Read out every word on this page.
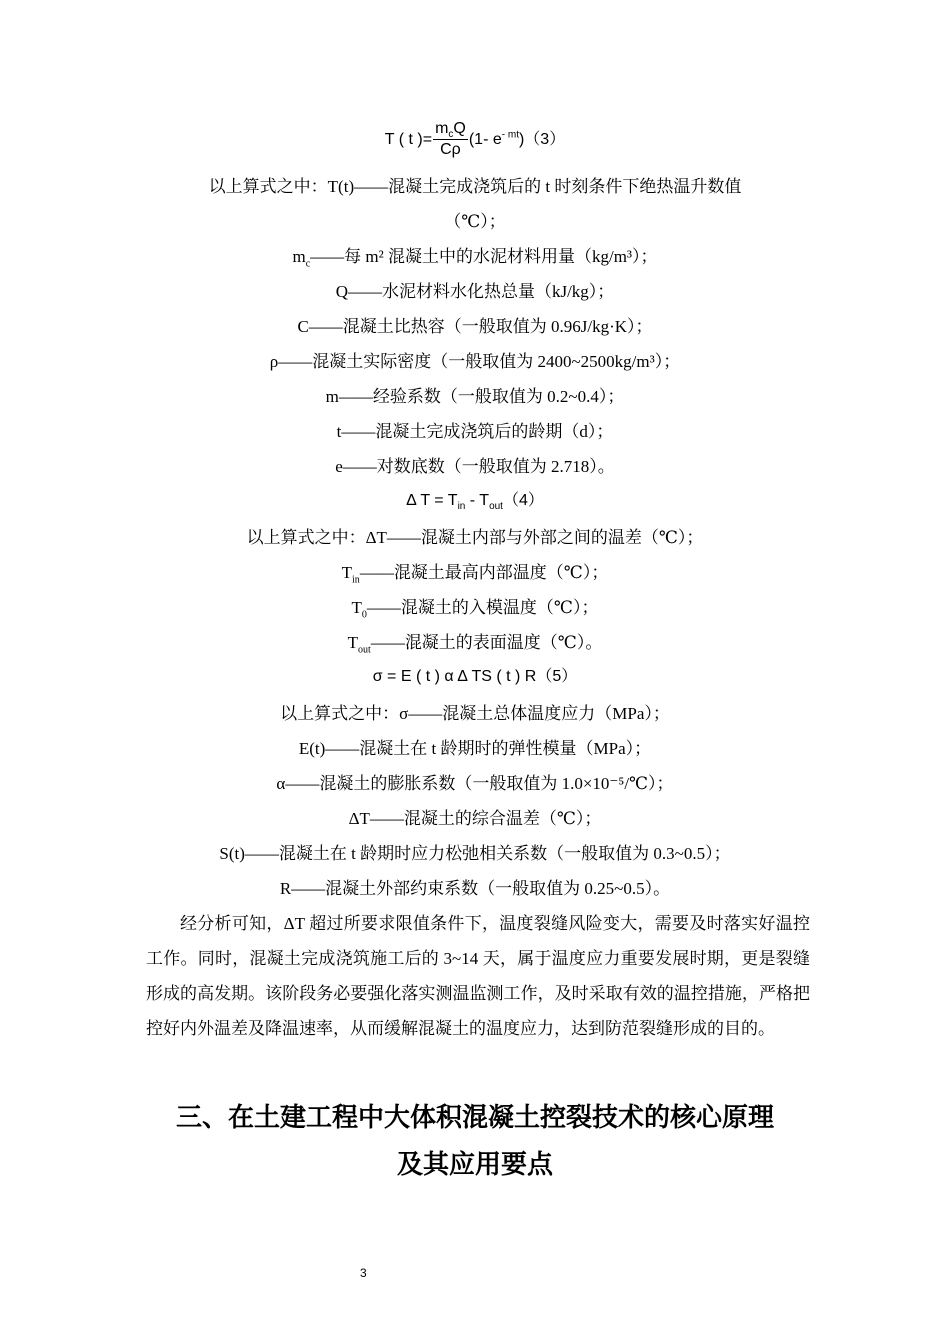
T ( t )= $\frac{m_cQ}{C\rho} (1-$ $e^{- mt})(3)$
以上算式之中：T(t)——混凝土完成浇筑后的 t 时刻条件下绝热温升数值
（℃）；
$m_c——$每 m² 混凝土中的水泥材料用量（kg/m³）；
Q——水泥材料水化热总量（kJ/kg）；
C——混凝土比热容（一般取值为 0.96J/kg·K）；
ρ——混凝土实际密度（一般取值为 2400~2500kg/m³）；
m——经验系数（一般取值为 0.2~0.4）；
t——混凝土完成浇筑后的龄期（d）；
e——对数底数（一般取值为 2.718）。
Δ $T = T_{in} - T_{out}(4)$
以上算式之中：ΔT——混凝土内部与外部之间的温差（℃）；
$T_{in}——$混凝土最高内部温度（℃）；
$T_0——$混凝土的入模温度（℃）；
$T_{out}——$混凝土的表面温度（℃）。
σ = E ( t ) α Δ TS ( t ) R（5）
以上算式之中：σ——混凝土总体温度应力（MPa）；
E(t)——混凝土在 t 龄期时的弹性模量（MPa）；
α——混凝土的膨胀系数（一般取值为 1.0×10⁻⁵/℃）；
ΔT——混凝土的综合温差（℃）；
S(t)——混凝土在 t 龄期时应力松弛相关系数（一般取值为 0.3~0.5）；
R——混凝土外部约束系数（一般取值为 0.25~0.5）。

经分析可知，ΔT 超过所要求限值条件下，温度裂缝风险变大，需要及时落实好温控工作。同时，混凝土完成浇筑施工后的 3~14 天，属于温度应力重要发展时期，更是裂缝形成的高发期。该阶段务必要强化落实测温监测工作，及时采取有效的温控措施，严格把控好内外温差及降温速率，从而缓解混凝土的温度应力，达到防范裂缝形成的目的。

三、在土建工程中大体积混凝土控裂技术的核心原理
及其应用要点
3
